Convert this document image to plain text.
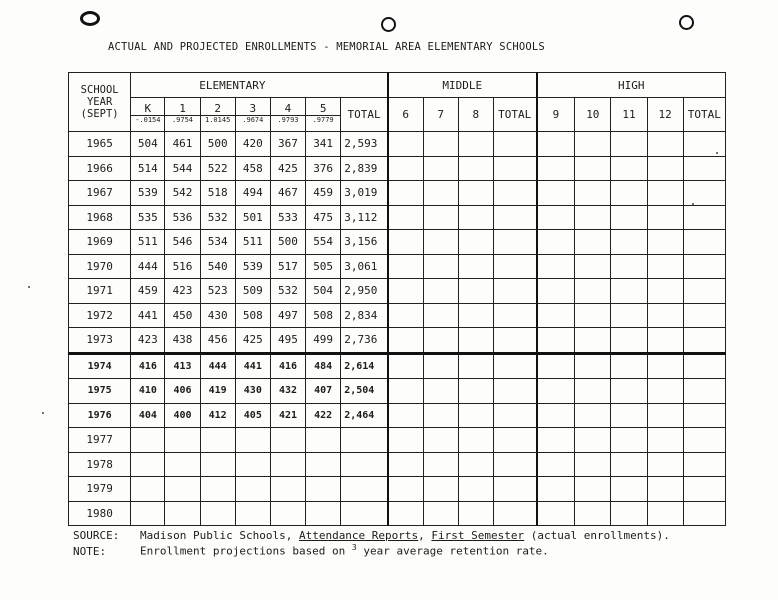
ACTUAL AND PROJECTED ENROLLMENTS - MEMORIAL AREA ELEMENTARY SCHOOLS
SCHOOL
YEAR
(SEPT)	ELEMENTARY							MIDDLE				HIGH				
	K	1	2	3	4	5	TOTAL	6	7	8	TOTAL	9	10	11	12	TOTAL
	-.0154	.9754	1.0145	.9674	.9793	.9779										
1965	504	461	500	420	367	341	2,593									
1966	514	544	522	458	425	376	2,839									
1967	539	542	518	494	467	459	3,019									
1968	535	536	532	501	533	475	3,112									
1969	511	546	534	511	500	554	3,156									
1970	444	516	540	539	517	505	3,061									
1971	459	423	523	509	532	504	2,950									
1972	441	450	430	508	497	508	2,834									
1973	423	438	456	425	495	499	2,736									
1974	416	413	444	441	416	484	2,614									
1975	410	406	419	430	432	407	2,504									
1976	404	400	412	405	421	422	2,464									
1977																
1978																
1979																
1980																
SOURCE: Madison Public Schools, Attendance Reports, First Semester (actual enrollments).
NOTE:	Enrollment projections based on $^3$ year average retention rate.
